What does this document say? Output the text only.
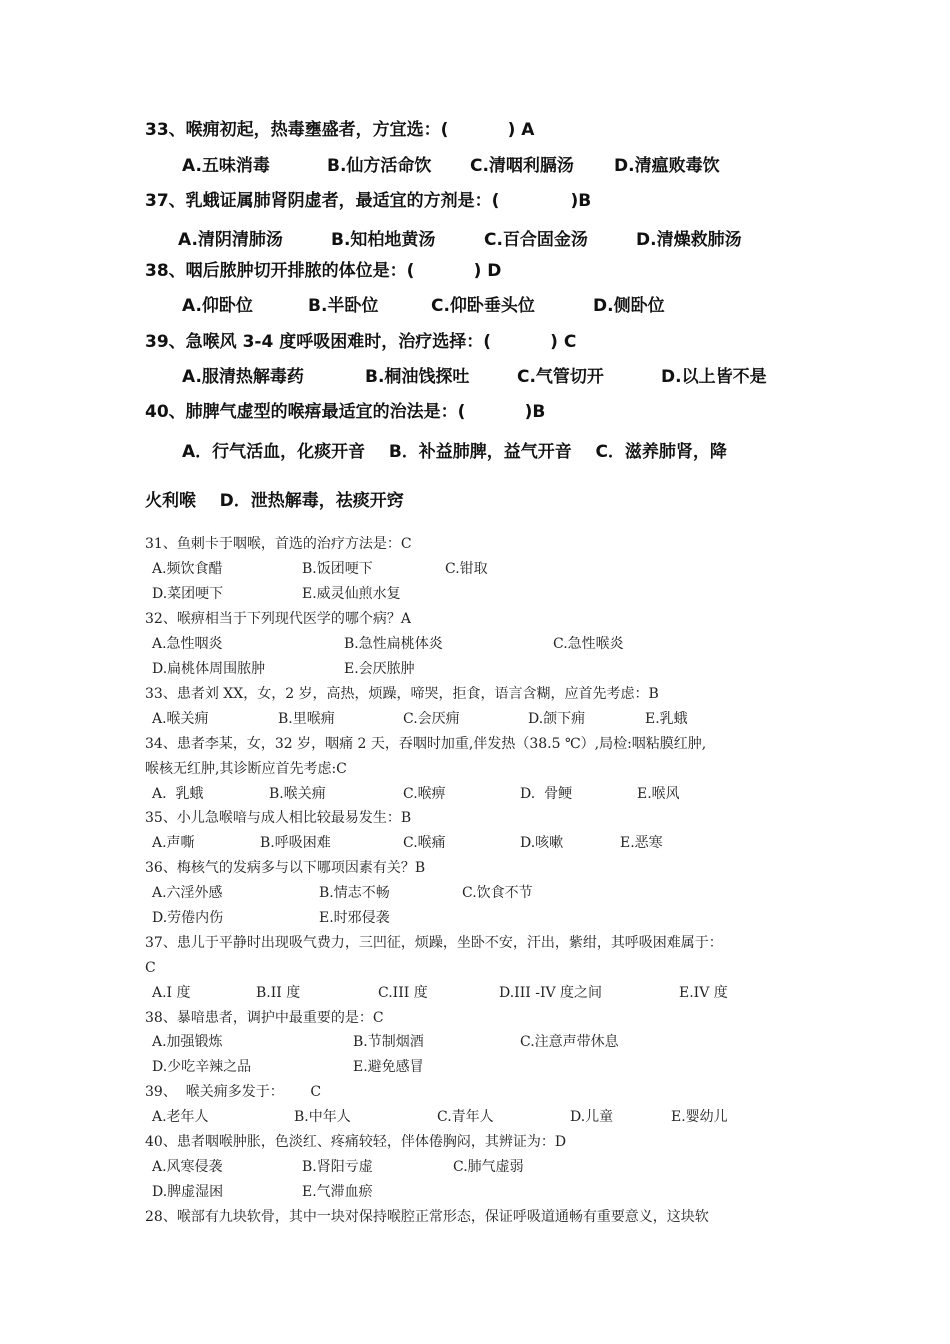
33、喉痈初起，热毒壅盛者，方宜选：(          ) A

A.五味消毒

	B.仙方活命饮

C.清咽利膈汤

D.清瘟败毒饮

37、乳蛾证属肺肾阴虚者，最适宜的方剂是：(            )B

A.清阴清肺汤

	B.知柏地黄汤

	C.百合固金汤

	D.清燥救肺汤

38、咽后脓肿切开排脓的体位是：(          ) D

A.仰卧位

	B.半卧位

	C.仰卧垂头位

	D.侧卧位

39、急喉风 3-4 度呼吸困难时，治疗选择：(          ) C

A.服清热解毒药

	B.桐油饯探吐

	C.气管切开

	D.以上皆不是

40、肺脾气虚型的喉痦最适宜的治法是：(          )B
A．行气活血，化痰开音    B．补益肺脾，益气开音    C．滋养肺肾，降
火利喉    D．泄热解毒，祛痰开窍
31、鱼刺卡于咽喉，首选的治疗方法是：C

A.频饮食醋

	B.饭团哽下

	C.钳取

D.菜团哽下

	E.威灵仙煎水复

32、喉痹相当于下列现代医学的哪个病？A

A.急性咽炎

	B.急性扁桃体炎

	C.急性喉炎

D.扁桃体周围脓肿

	E.会厌脓肿

33、患者刘 XX，女，2 岁，高热，烦躁，啼哭，拒食，语言含糊，应首先考虑：B

A.喉关痈

	B.里喉痈

	C.会厌痈

	D.颌下痈

	E.乳蛾

34、患者李某，女，32 岁，咽痛 2 天，吞咽时加重,伴发热（38.5 ℃）,局检:咽粘膜红肿,
喉核无红肿,其诊断应首先考虑:C

A.  乳蛾

	B.喉关痈

	C.喉痹

	D.  骨鲠

	E.喉风

35、小儿急喉喑与成人相比较最易发生：B

A.声嘶

	B.呼吸困难

	C.喉痛

	D.咳嗽

	E.恶寒

36、梅核气的发病多与以下哪项因素有关？B

A.六淫外感

	B.情志不畅

	C.饮食不节

D.劳倦内伤

	E.时邪侵袭

37、患儿于平静时出现吸气费力，三凹征，烦躁，坐卧不安，汗出，紫绀，其呼吸困难属于：
C

A.I 度

	B.II 度

	C.III 度

	D.III -IV 度之间

	E.IV 度

38、暴喑患者，调护中最重要的是：C

A.加强锻炼

	B.节制烟酒

	C.注意声带休息

D.少吃辛辣之品

	E.避免感冒

39、  喉关痈多发于：      C

A.老年人

	B.中年人

	C.青年人

	D.儿童

	E.婴幼儿

40、患者咽喉肿胀，色淡红、疼痛较轻，伴体倦胸闷，其辨证为：D

A.风寒侵袭

	B.肾阳亏虚

	C.肺气虚弱

D.脾虚湿困

	E.气滞血瘀

28、喉部有九块软骨，其中一块对保持喉腔正常形态，保证呼吸道通畅有重要意义，这块软
